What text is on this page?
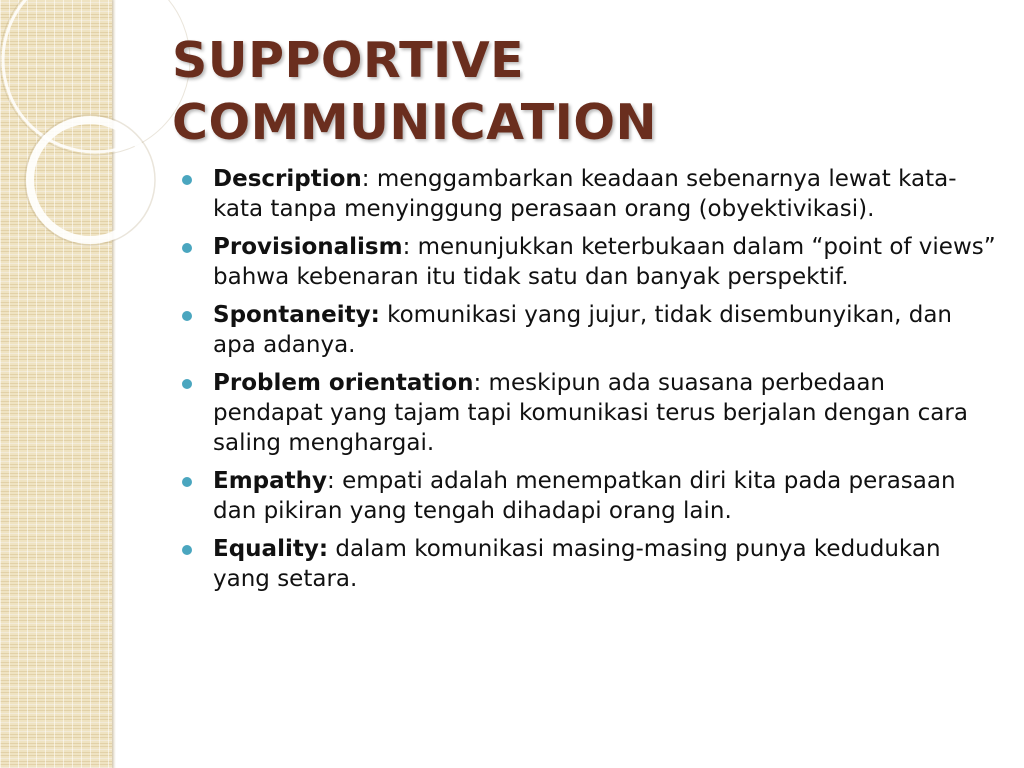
SUPPORTIVE
COMMUNICATION
Description: menggambarkan keadaan sebenarnya lewat kata-kata tanpa menyinggung perasaan orang (obyektivikasi).
Provisionalism: menunjukkan keterbukaan dalam “point of views” bahwa kebenaran itu tidak satu dan banyak perspektif.
Spontaneity: komunikasi yang jujur, tidak disembunyikan, dan apa adanya.
Problem orientation: meskipun ada suasana perbedaan pendapat yang tajam tapi komunikasi terus berjalan dengan cara saling menghargai.
Empathy: empati adalah menempatkan diri kita pada perasaan dan pikiran yang tengah dihadapi orang lain.
Equality: dalam komunikasi masing-masing punya kedudukan yang setara.
